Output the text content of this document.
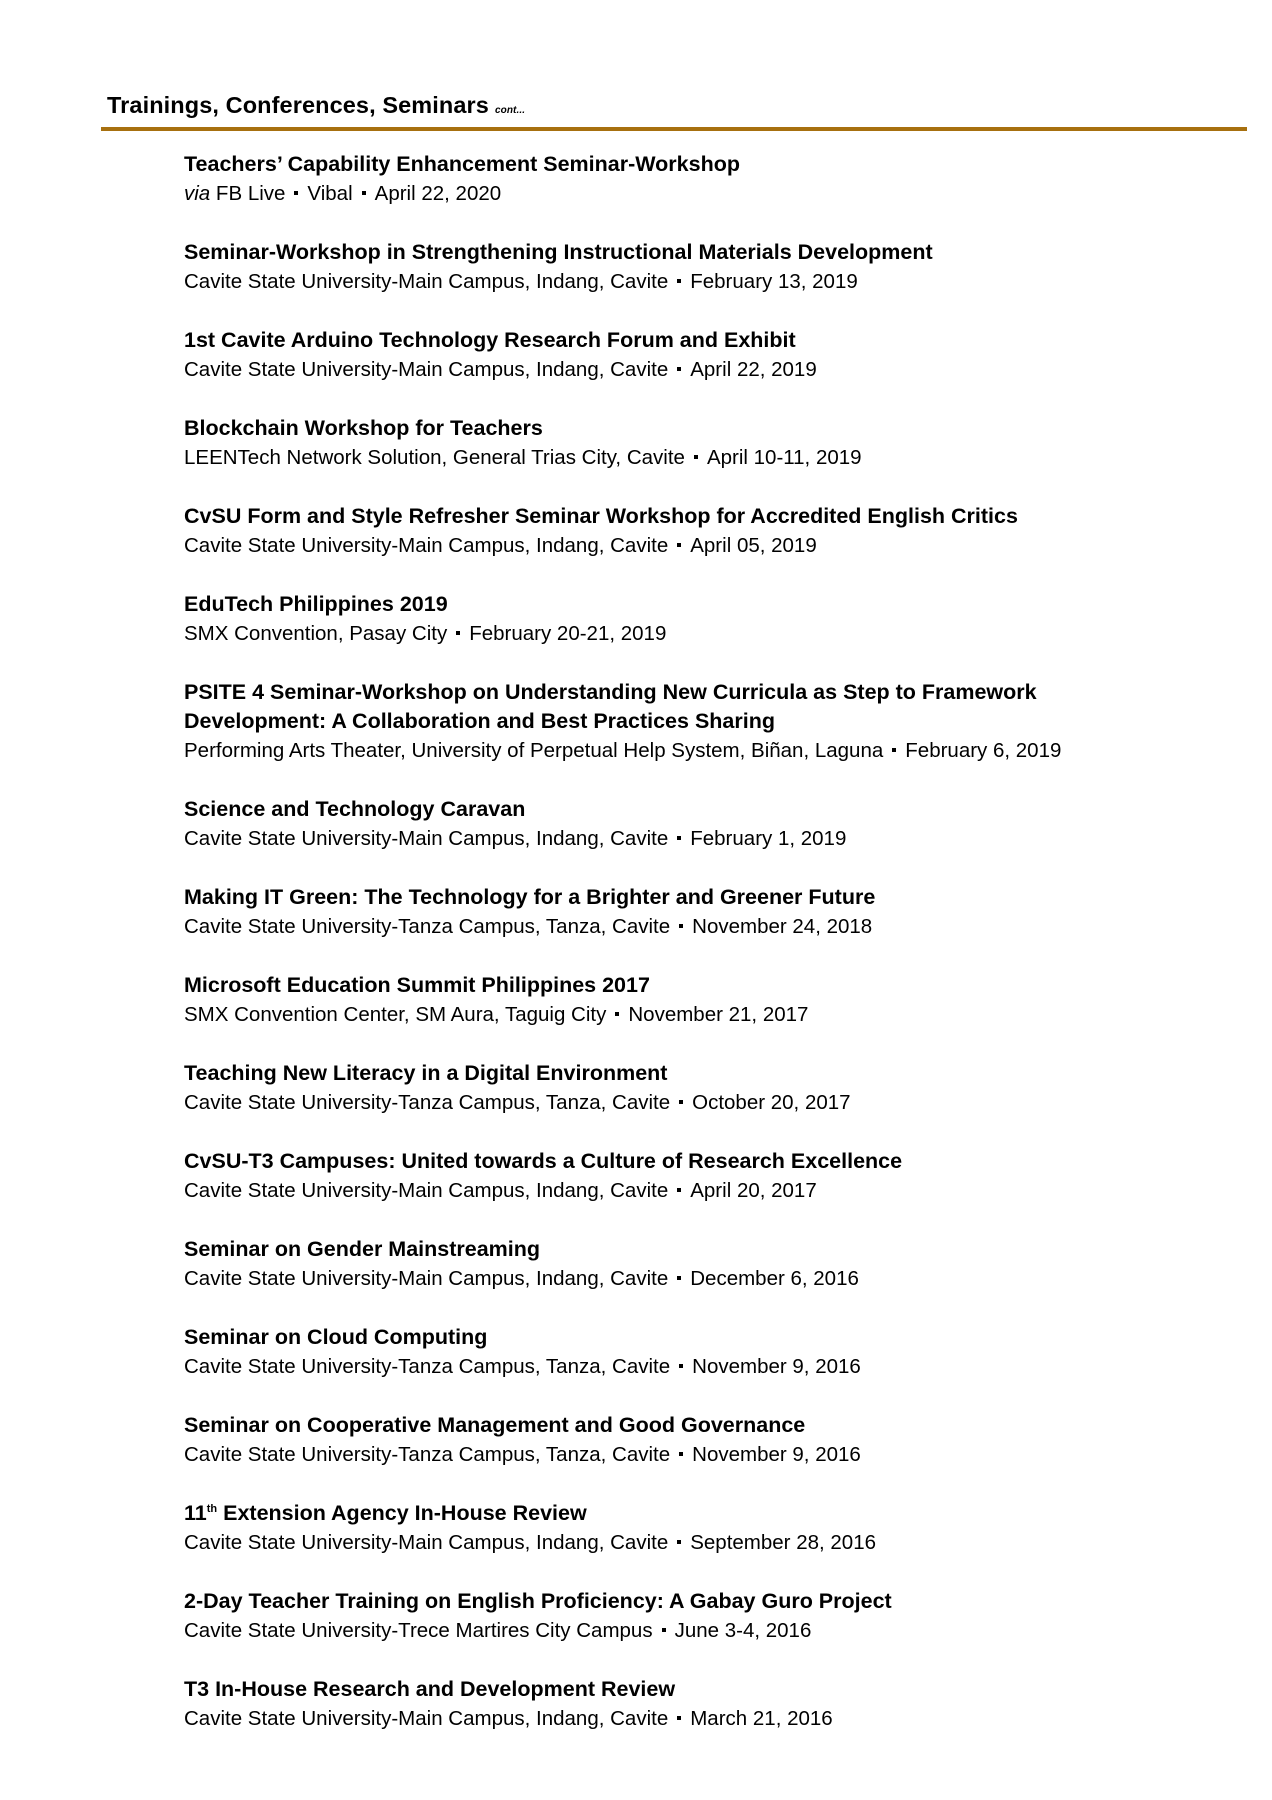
Trainings, Conferences, Seminars cont...
Teachers’ Capability Enhancement Seminar-Workshop
via FB Live Vibal April 22, 2020
Seminar-Workshop in Strengthening Instructional Materials Development
Cavite State University-Main Campus, Indang, Cavite February 13, 2019
1st Cavite Arduino Technology Research Forum and Exhibit
Cavite State University-Main Campus, Indang, Cavite April 22, 2019
Blockchain Workshop for Teachers
LEENTech Network Solution, General Trias City, Cavite April 10-11, 2019
CvSU Form and Style Refresher Seminar Workshop for Accredited English Critics
Cavite State University-Main Campus, Indang, Cavite April 05, 2019
EduTech Philippines 2019
SMX Convention, Pasay City February 20-21, 2019
PSITE 4 Seminar-Workshop on Understanding New Curricula as Step to Framework
Development: A Collaboration and Best Practices Sharing
Performing Arts Theater, University of Perpetual Help System, Biñan, Laguna February 6, 2019
Science and Technology Caravan
Cavite State University-Main Campus, Indang, Cavite February 1, 2019
Making IT Green: The Technology for a Brighter and Greener Future
Cavite State University-Tanza Campus, Tanza, Cavite November 24, 2018
Microsoft Education Summit Philippines 2017
SMX Convention Center, SM Aura, Taguig City November 21, 2017
Teaching New Literacy in a Digital Environment
Cavite State University-Tanza Campus, Tanza, Cavite October 20, 2017
CvSU-T3 Campuses: United towards a Culture of Research Excellence
Cavite State University-Main Campus, Indang, Cavite April 20, 2017
Seminar on Gender Mainstreaming
Cavite State University-Main Campus, Indang, Cavite December 6, 2016
Seminar on Cloud Computing
Cavite State University-Tanza Campus, Tanza, Cavite November 9, 2016
Seminar on Cooperative Management and Good Governance
Cavite State University-Tanza Campus, Tanza, Cavite November 9, 2016
11th Extension Agency In-House Review
Cavite State University-Main Campus, Indang, Cavite September 28, 2016
2-Day Teacher Training on English Proficiency: A Gabay Guro Project
Cavite State University-Trece Martires City Campus June 3-4, 2016
T3 In-House Research and Development Review
Cavite State University-Main Campus, Indang, Cavite March 21, 2016
